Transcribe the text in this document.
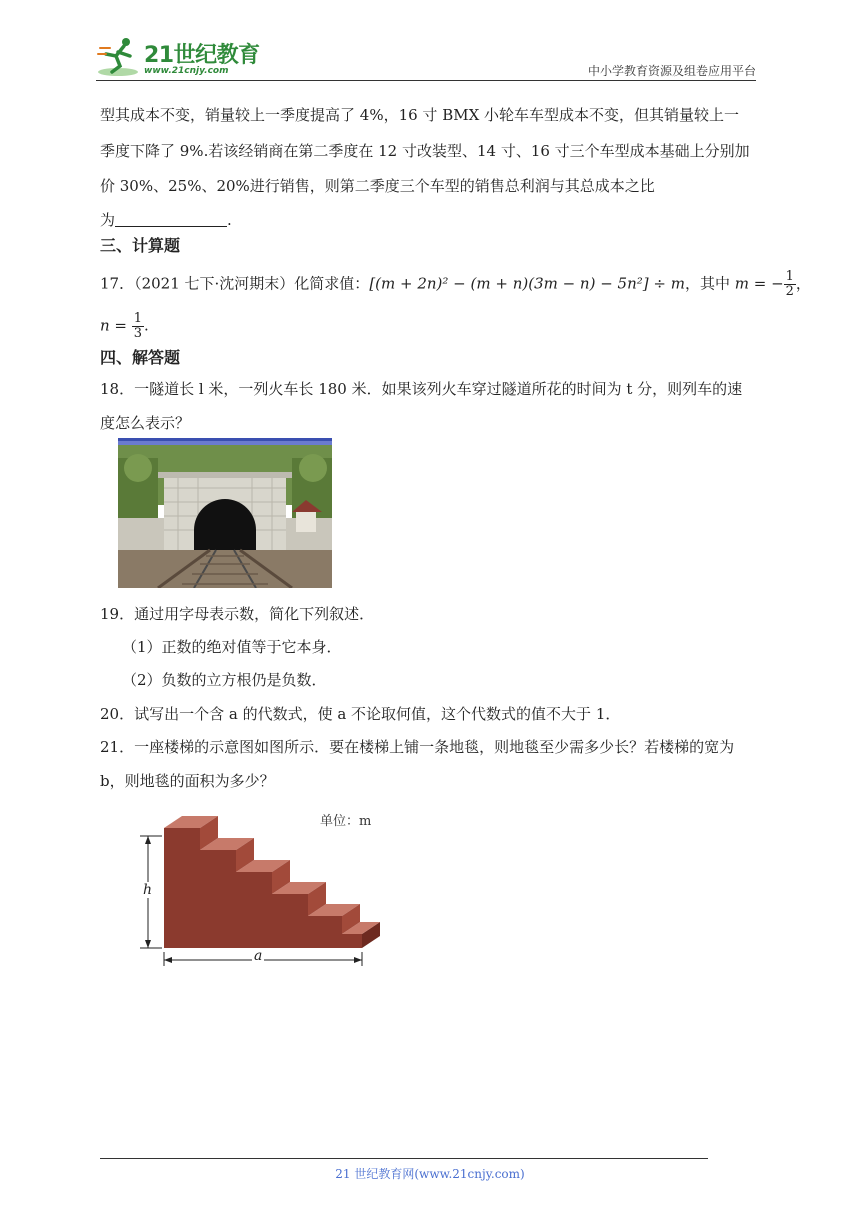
21世纪教育
www.21cnjy.com	中小学教育资源及组卷应用平台
型其成本不变，销量较上一季度提高了 4%，16 寸 BMX 小轮车车型成本不变，但其销量较上一
季度下降了 9%.若该经销商在第二季度在 12 寸改装型、14 寸、16 寸三个车型成本基础上分别加
价 30%、25%、20%进行销售，则第二季度三个车型的销售总利润与其总成本之比
为	.
三、计算题
17．（2021 七下·沈河期末）化简求值：[(m + 2n)² − (m + n)(3m − n) − 5n²] ÷ m，其中 m = − $\frac{1}{2}$ ，
$n = \frac{1}{3}$ .
四、解答题
18．一隧道长 l 米，一列火车长 180 米．如果该列火车穿过隧道所花的时间为 t 分，则列车的速
度怎么表示？
19．通过用字母表示数，简化下列叙述．
（1）正数的绝对值等于它本身．
（2）负数的立方根仍是负数．
20．试写出一个含 a 的代数式，使 a 不论取何值，这个代数式的值不大于 1．
21．一座楼梯的示意图如图所示．要在楼梯上铺一条地毯，则地毯至少需多少长？若楼梯的宽为
b，则地毯的面积为多少？
单位：m
h
a
21 世纪教育网(www.21cnjy.com)
